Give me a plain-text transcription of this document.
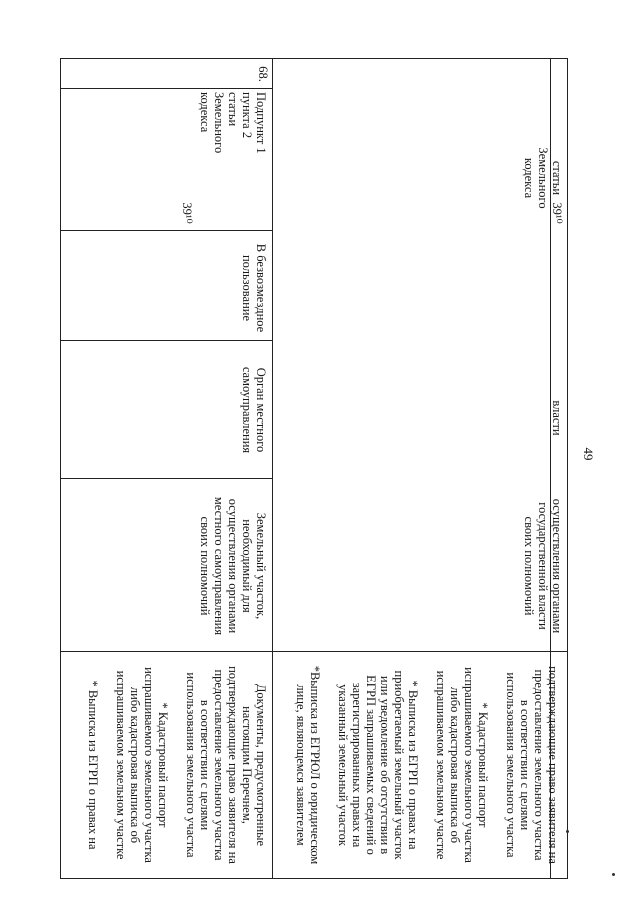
49
68.
Подпункт 1
пункта 2
статьи
Земельного
кодекса
39¹⁰
В безвозмездное
пользование
Орган местного
самоуправления
Земельный участок,
необходимый для
осуществления органами
местного самоуправления
своих полномочий
Документы, предусмотренные
настоящим Перечнем,
подтверждающие право заявителя на
предоставление земельного участка
в соответствии с целями
использования земельного участка

* Кадастровый паспорт
испрашиваемого земельного участка
либо кадастровая выписка об
испрашиваемом земельном участке

* Выписка из ЕГРП о правах на
статьи
Земельного
кодекса
39¹⁰
власти
осуществления органами
государственной власти
своих полномочий
подтверждающие право заявителя на
предоставление земельного участка
в соответствии с целями
использования земельного участка

* Кадастровый паспорт
испрашиваемого земельного участка
либо кадастровая выписка об
испрашиваемом земельном участке

* Выписка из ЕГРП о правах на
приобретаемый земельный участок
или уведомление об отсутствии в
ЕГРП запрашиваемых сведений о
зарегистрированных правах на
указанный земельный участок

*Выписка из ЕГРЮЛ о юридическом
лице, являющемся заявителем
